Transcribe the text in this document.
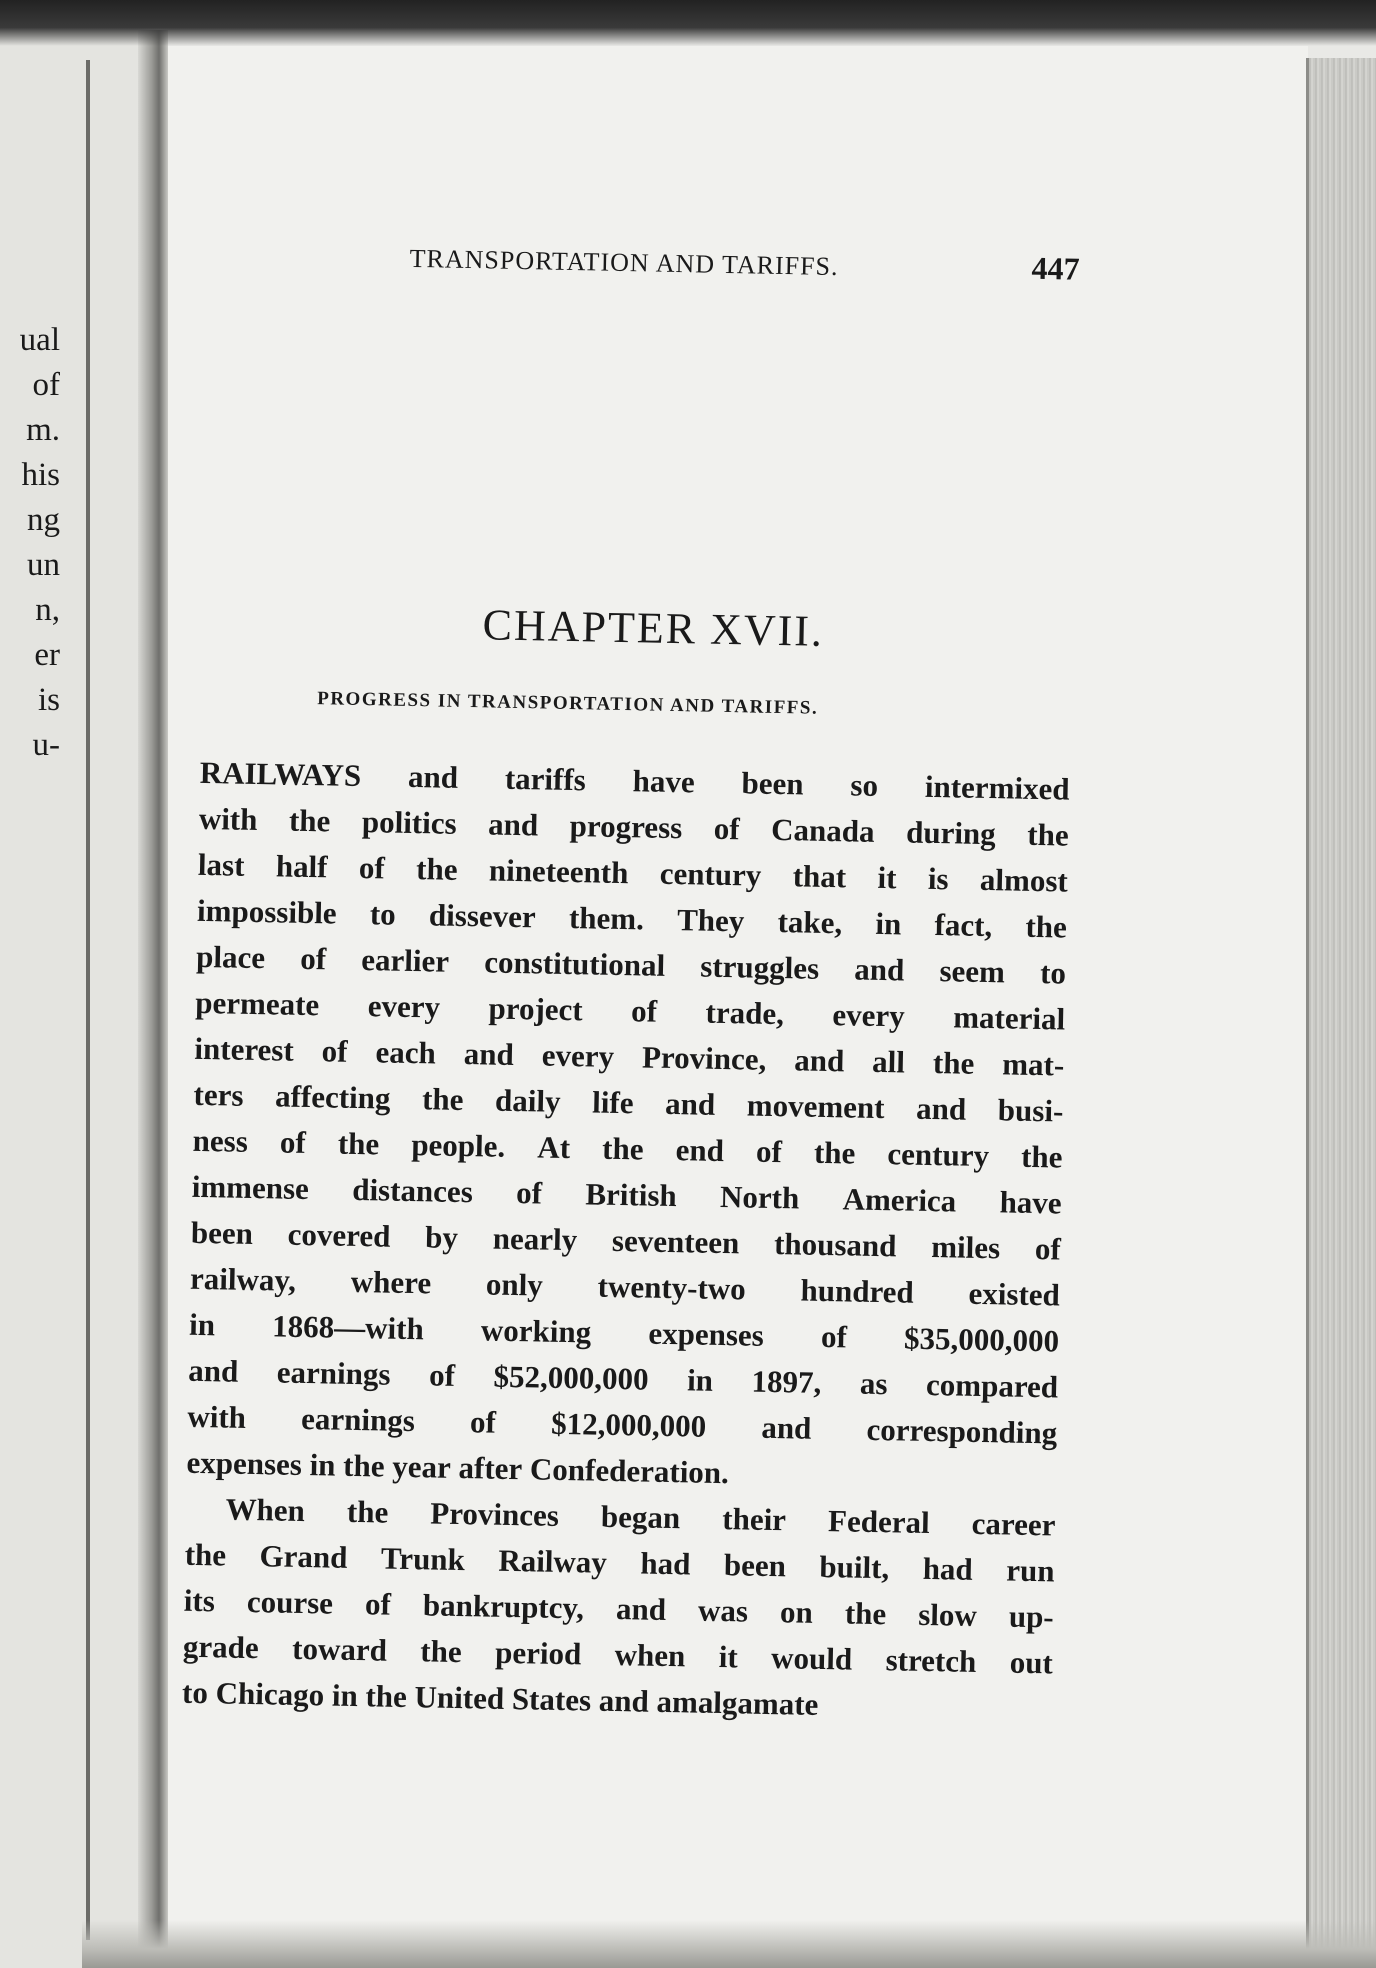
ual
of
m.
his
ng
un
n,
er
is
u-
TRANSPORTATION AND TARIFFS.	447
CHAPTER XVII.
PROGRESS IN TRANSPORTATION AND TARIFFS.
RAILWAYS and tariffs have been so intermixed
with the politics and progress of Canada during the
last half of the nineteenth century that it is almost
impossible to dissever them. They take, in fact, the
place of earlier constitutional struggles and seem to
permeate every project of trade, every material
interest of each and every Province, and all the mat-
ters affecting the daily life and movement and busi-
ness of the people. At the end of the century the
immense distances of British North America have
been covered by nearly seventeen thousand miles of
railway, where only twenty-two hundred existed
in 1868—with working expenses of $35,000,000
and earnings of $52,000,000 in 1897, as compared
with earnings of $12,000,000 and corresponding
expenses in the year after Confederation.
When the Provinces began their Federal career
the Grand Trunk Railway had been built, had run
its course of bankruptcy, and was on the slow up-
grade toward the period when it would stretch out
to Chicago in the United States and amalgamate
